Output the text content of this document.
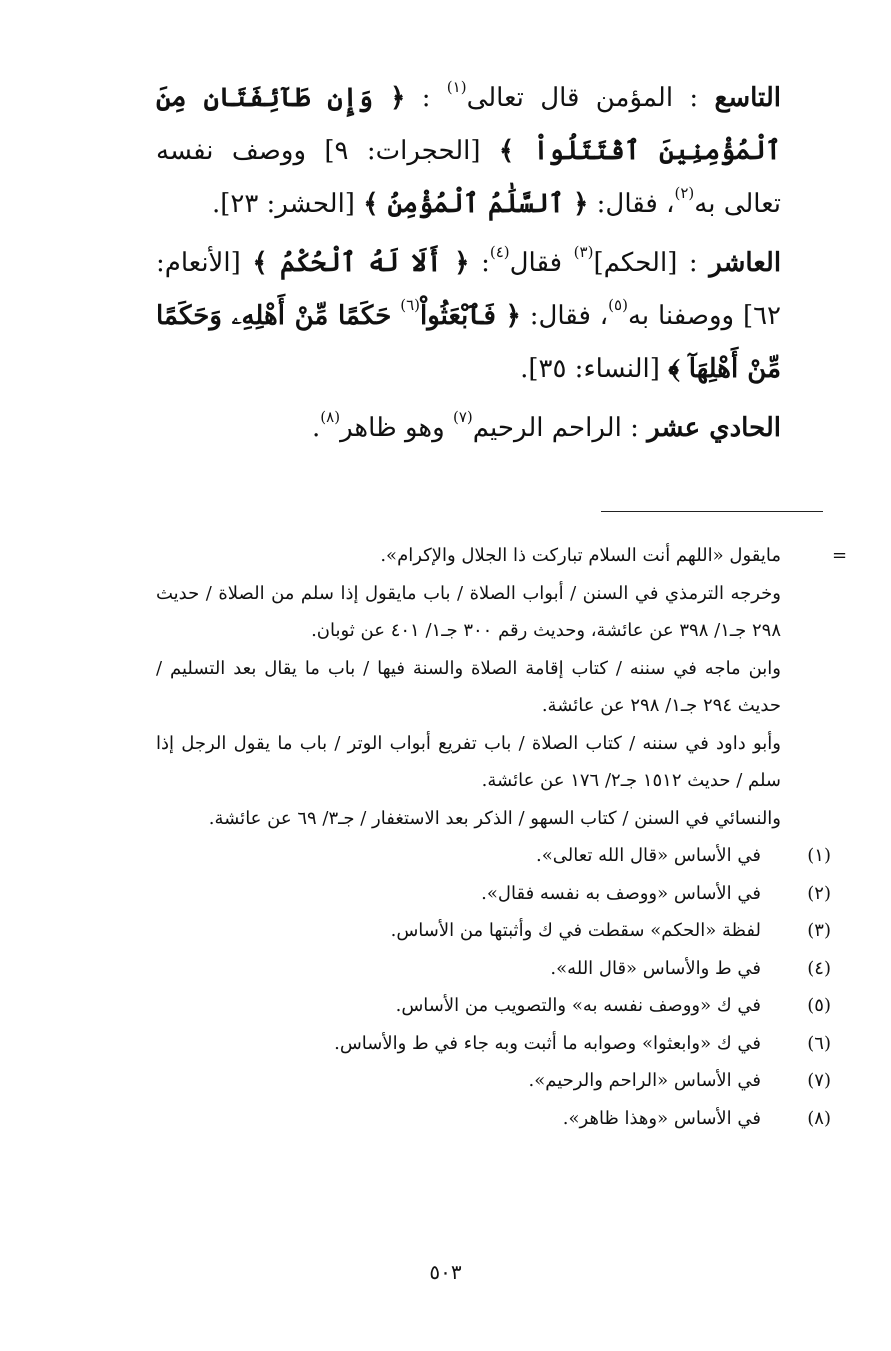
التاسع : المؤمن قال تعالى$^{(١)}$ : ﴿ وَإِن طَآئِفَتَانِ مِنَ ٱلْمُؤْمِنِينَ ٱقْتَتَلُواْ ﴾ [الحجرات: ٩] ووصف نفسه تعالى به$^{(٢)}$، فقال: ﴿ ٱلسَّلَٰمُ ٱلْمُؤْمِنُ ﴾ [الحشر: ٢٣].

العاشر : [الحكم]$^{(٣)}$ فقال$^{(٤)}$: ﴿ أَلَا لَهُ ٱلْحُكْمُ ﴾ [الأنعام: ٦٢] ووصفنا به$^{(٥)}$، فقال: ﴿ فَٱبْعَثُواْ$^{(٦)}$ حَكَمًا مِّنْ أَهْلِهِۦ وَحَكَمًا مِّنْ أَهْلِهَآ ﴾ [النساء: ٣٥].

الحادي عشر : الراحم الرحيم$^{(٧)}$ وهو ظاهر$^{(٨)}$.

=

مايقول «اللهم أنت السلام تباركت ذا الجلال والإكرام».

وخرجه الترمذي في السنن / أبواب الصلاة / باب مايقول إذا سلم من الصلاة / حديث ٢٩٨ جـ١/ ٣٩٨ عن عائشة، وحديث رقم ٣٠٠ جـ١/ ٤٠١ عن ثوبان.

وابن ماجه في سننه / كتاب إقامة الصلاة والسنة فيها / باب ما يقال بعد التسليم / حديث ٢٩٤ جـ١/ ٢٩٨ عن عائشة.

وأبو داود في سننه / كتاب الصلاة / باب تفريع أبواب الوتر / باب ما يقول الرجل إذا سلم / حديث ١٥١٢ جـ٢/ ١٧٦ عن عائشة.

والنسائي في السنن / كتاب السهو / الذكر بعد الاستغفار / جـ٣/ ٦٩ عن عائشة.

(١)
في الأساس «قال الله تعالى».
(٢)
في الأساس «ووصف به نفسه فقال».
(٣)
لفظة «الحكم» سقطت في ك وأثبتها من الأساس.
(٤)
في ط والأساس «قال الله».
(٥)
في ك «ووصف نفسه به» والتصويب من الأساس.
(٦)
في ك «وابعثوا» وصوابه ما أثبت وبه جاء في ط والأساس.
(٧)
في الأساس «الراحم والرحيم».
(٨)
في الأساس «وهذا ظاهر».
٥٠٣
